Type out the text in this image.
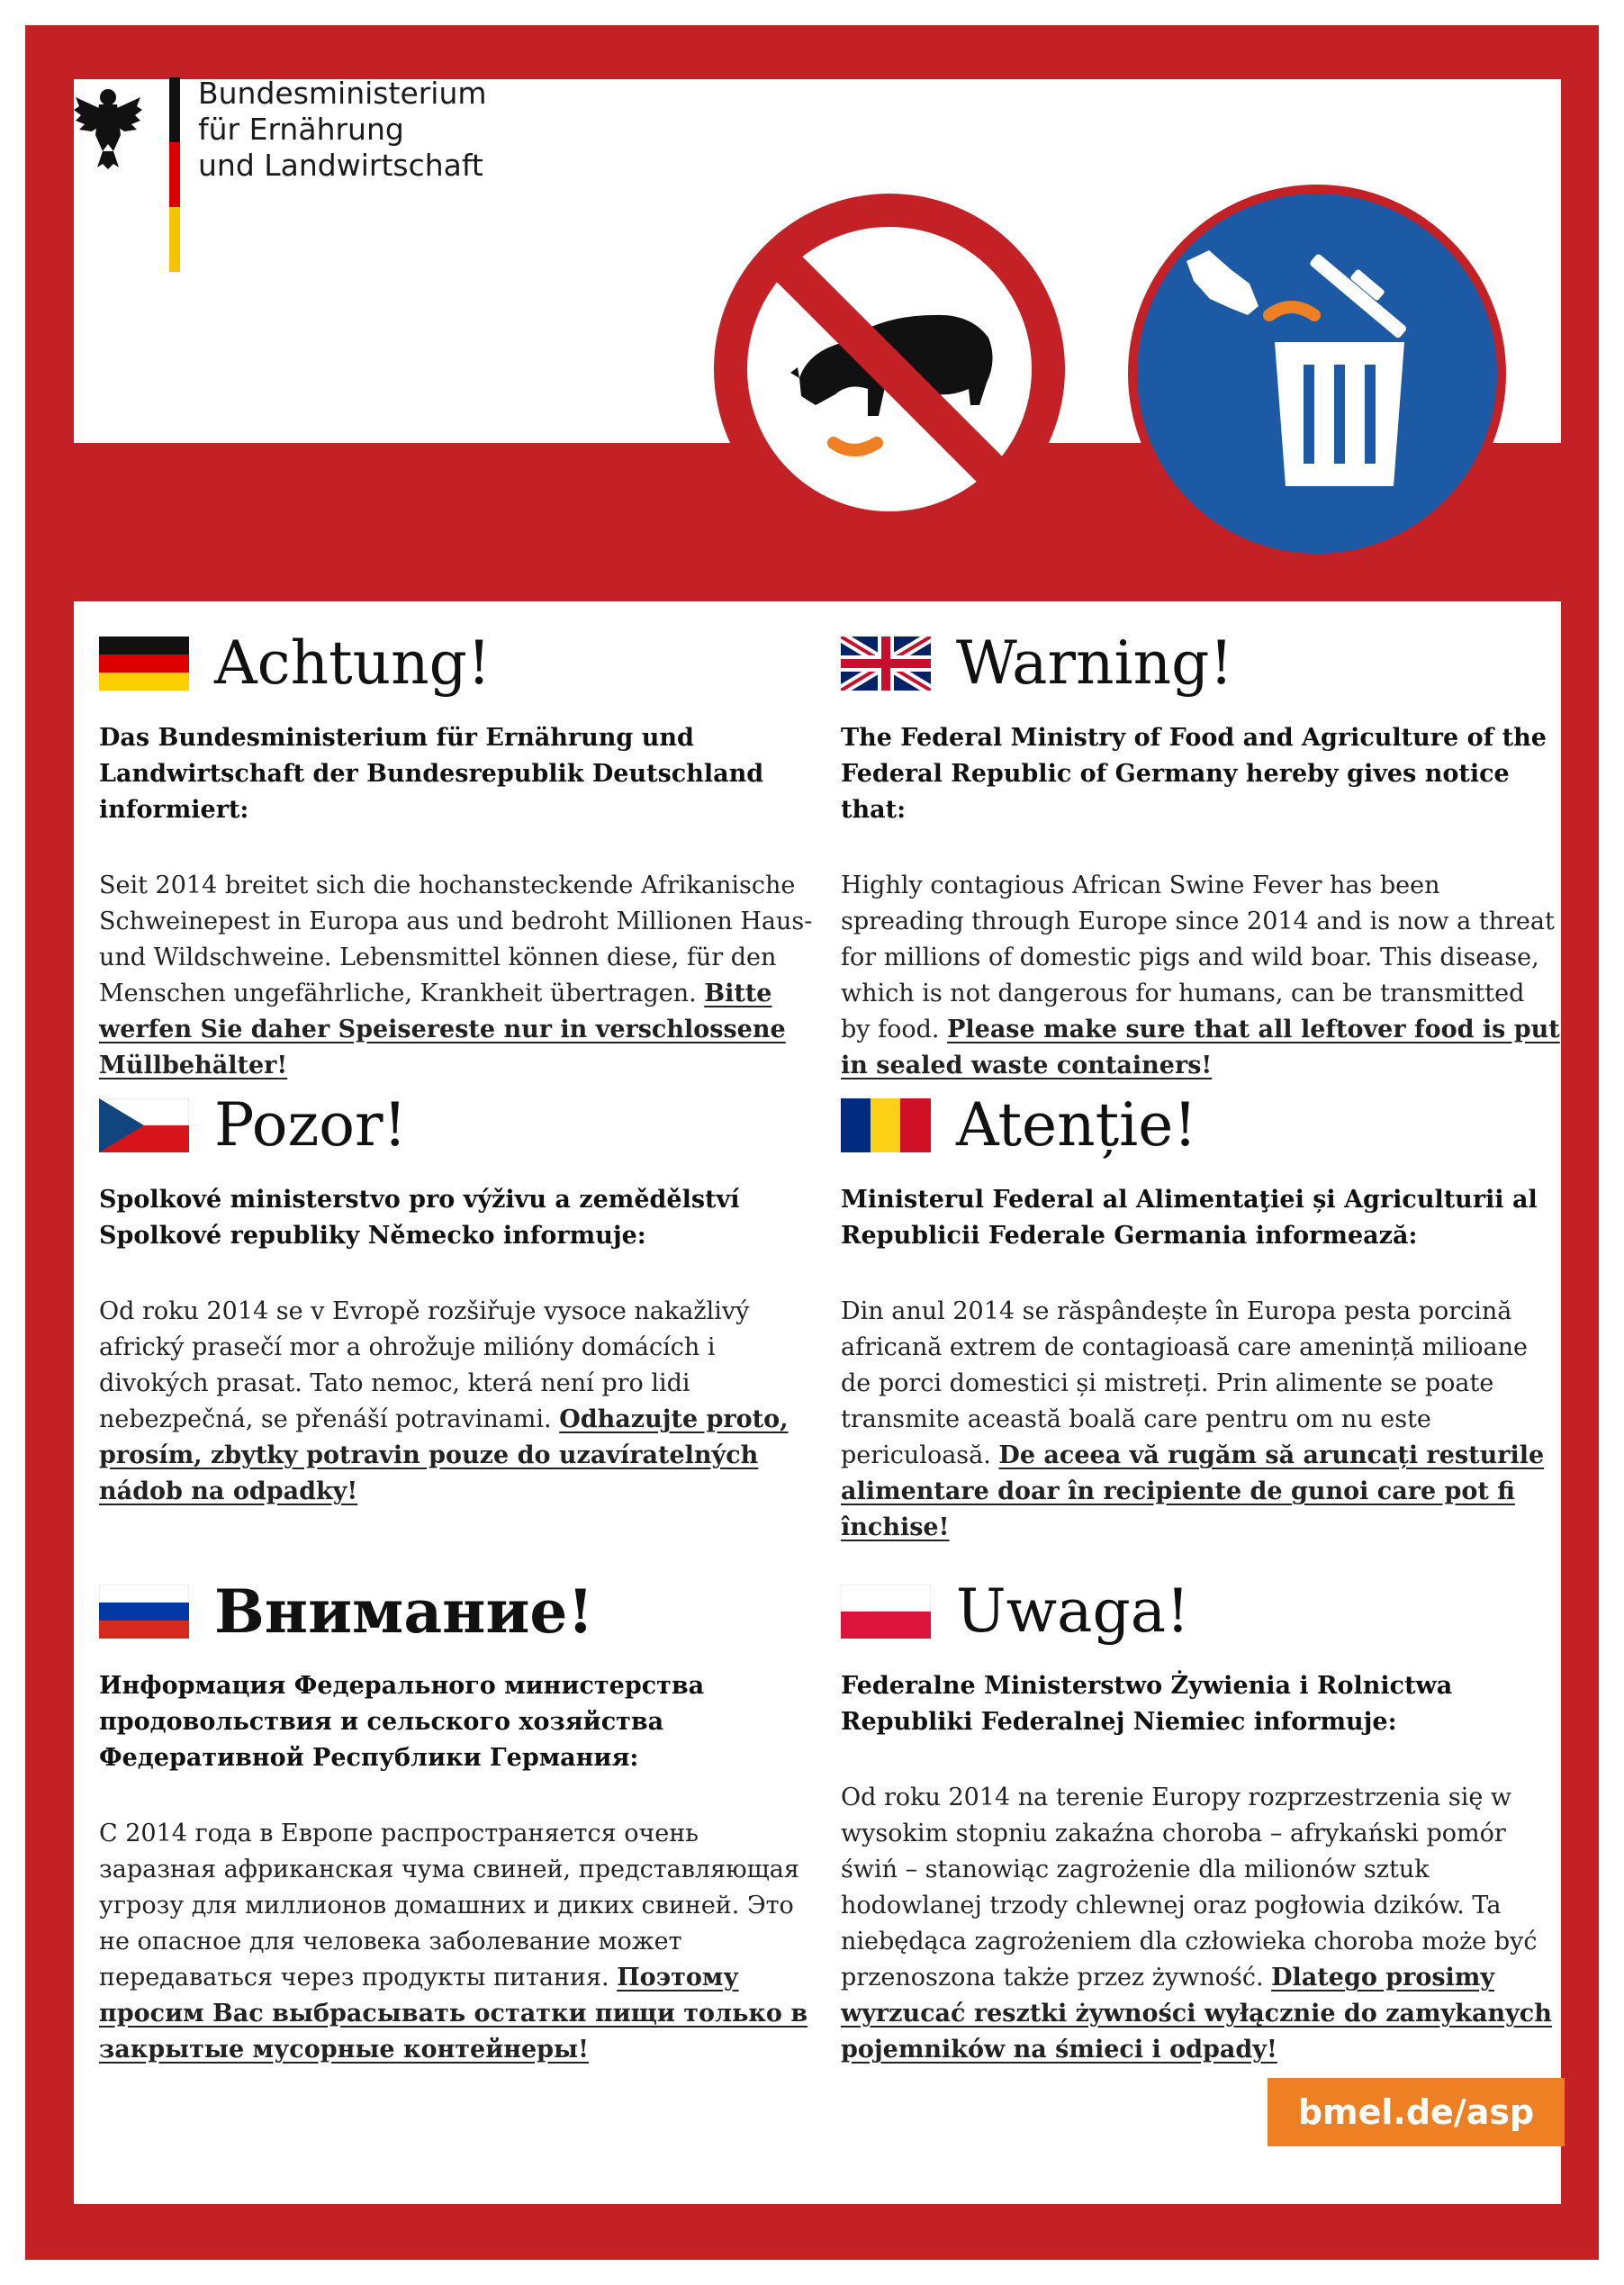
Bundesministerium
für Ernährung
und Landwirtschaft
Achtung!
Das Bundesministerium für Ernährung und Landwirtschaft der Bundesrepublik Deutschland informiert:
Seit 2014 breitet sich die hochansteckende Afrikanische Schweinepest in Europa aus und bedroht Millionen Haus- und Wildschweine. Lebensmittel können diese, für den Menschen ungefährliche, Krankheit übertragen. Bitte werfen Sie daher Speisereste nur in verschlossene Müllbehälter!
Warning!
The Federal Ministry of Food and Agriculture of the Federal Republic of Germany hereby gives notice that:
Highly contagious African Swine Fever has been spreading through Europe since 2014 and is now a threat for millions of domestic pigs and wild boar. This disease, which is not dangerous for humans, can be transmitted by food. Please make sure that all leftover food is put in sealed waste containers!
Pozor!
Spolkové ministerstvo pro výživu a zemědělství Spolkové republiky Německo informuje:
Od roku 2014 se v Evropě rozšiřuje vysoce nakažlivý africký prasečí mor a ohrožuje milióny domácích i divokých prasat. Tato nemoc, která není pro lidi nebezpečná, se přenáší potravinami. Odhazujte proto, prosím, zbytky potravin pouze do uzavíratelných nádob na odpadky!
Atenție!
Ministerul Federal al Alimentaţiei și Agriculturii al Republicii Federale Germania informează:
Din anul 2014 se răspândește în Europa pesta porcină africană extrem de contagioasă care amenință milioane de porci domestici și mistreți. Prin alimente se poate transmite această boală care pentru om nu este periculoasă. De aceea vă rugăm să aruncați resturile alimentare doar în recipiente de gunoi care pot fi închise!
Внимание!
Информация Федерального министерства продовольствия и сельского хозяйства Федеративной Республики Германия:
С 2014 года в Европе распространяется очень заразная африканская чума свиней, представляющая угрозу для миллионов домашних и диких свиней. Это не опасное для человека заболевание может передаваться через продукты питания. Поэтому просим Вас выбрасывать остатки пищи только в закрытые мусорные контейнеры!
Uwaga!
Federalne Ministerstwo Żywienia i Rolnictwa Republiki Federalnej Niemiec informuje:
Od roku 2014 na terenie Europy rozprzestrzenia się w wysokim stopniu zakaźna choroba – afrykański pomór świń – stanowiąc zagrożenie dla milionów sztuk hodowlanej trzody chlewnej oraz pogłowia dzików. Ta niebędąca zagrożeniem dla człowieka choroba może być przenoszona także przez żywność. Dlatego prosimy wyrzucać resztki żywności wyłącznie do zamykanych pojemników na śmieci i odpady!
bmel.de/asp
